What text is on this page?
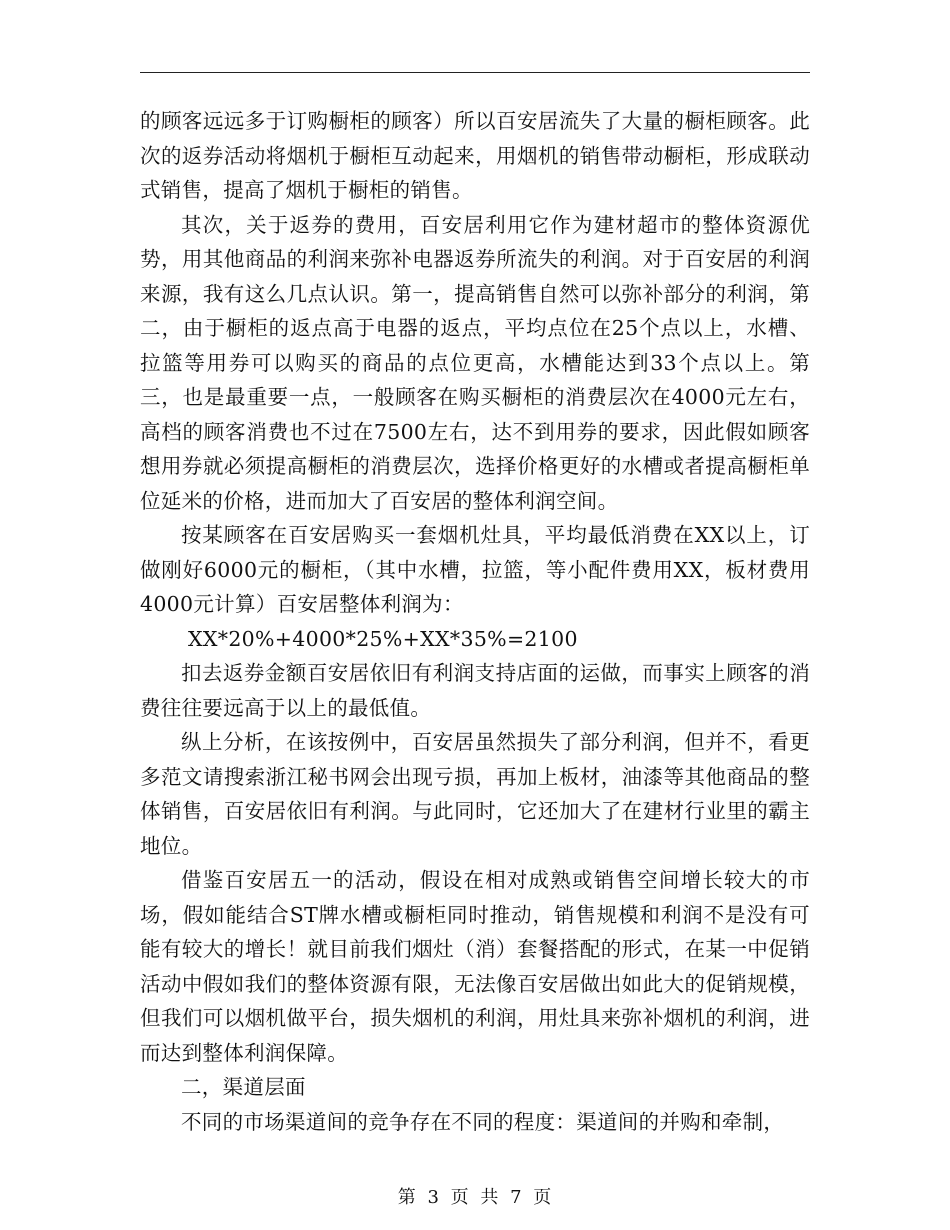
的顾客远远多于订购橱柜的顾客）所以百安居流失了大量的橱柜顾客。此次的返券活动将烟机于橱柜互动起来，用烟机的销售带动橱柜，形成联动式销售，提高了烟机于橱柜的销售。

其次，关于返券的费用，百安居利用它作为建材超市的整体资源优势，用其他商品的利润来弥补电器返券所流失的利润。对于百安居的利润来源，我有这么几点认识。第一，提高销售自然可以弥补部分的利润，第二，由于橱柜的返点高于电器的返点，平均点位在25个点以上，水槽、拉篮等用券可以购买的商品的点位更高，水槽能达到33个点以上。第三，也是最重要一点，一般顾客在购买橱柜的消费层次在4000元左右，高档的顾客消费也不过在7500左右，达不到用券的要求，因此假如顾客想用券就必须提高橱柜的消费层次，选择价格更好的水槽或者提高橱柜单位延米的价格，进而加大了百安居的整体利润空间。

按某顾客在百安居购买一套烟机灶具，平均最低消费在XX以上，订做刚好6000元的橱柜，（其中水槽，拉篮，等小配件费用XX，板材费用4000元计算）百安居整体利润为：

XX*20%+4000*25%+XX*35%=2100

扣去返券金额百安居依旧有利润支持店面的运做，而事实上顾客的消费往往要远高于以上的最低值。

纵上分析，在该按例中，百安居虽然损失了部分利润，但并不，看更多范文请搜索浙江秘书网会出现亏损，再加上板材，油漆等其他商品的整体销售，百安居依旧有利润。与此同时，它还加大了在建材行业里的霸主地位。

借鉴百安居五一的活动，假设在相对成熟或销售空间增长较大的市场，假如能结合ST牌水槽或橱柜同时推动，销售规模和利润不是没有可能有较大的增长！就目前我们烟灶（消）套餐搭配的形式，在某一中促销活动中假如我们的整体资源有限，无法像百安居做出如此大的促销规模，但我们可以烟机做平台，损失烟机的利润，用灶具来弥补烟机的利润，进而达到整体利润保障。

二，渠道层面

不同的市场渠道间的竞争存在不同的程度：渠道间的并购和牵制，

第 3 页 共 7 页
